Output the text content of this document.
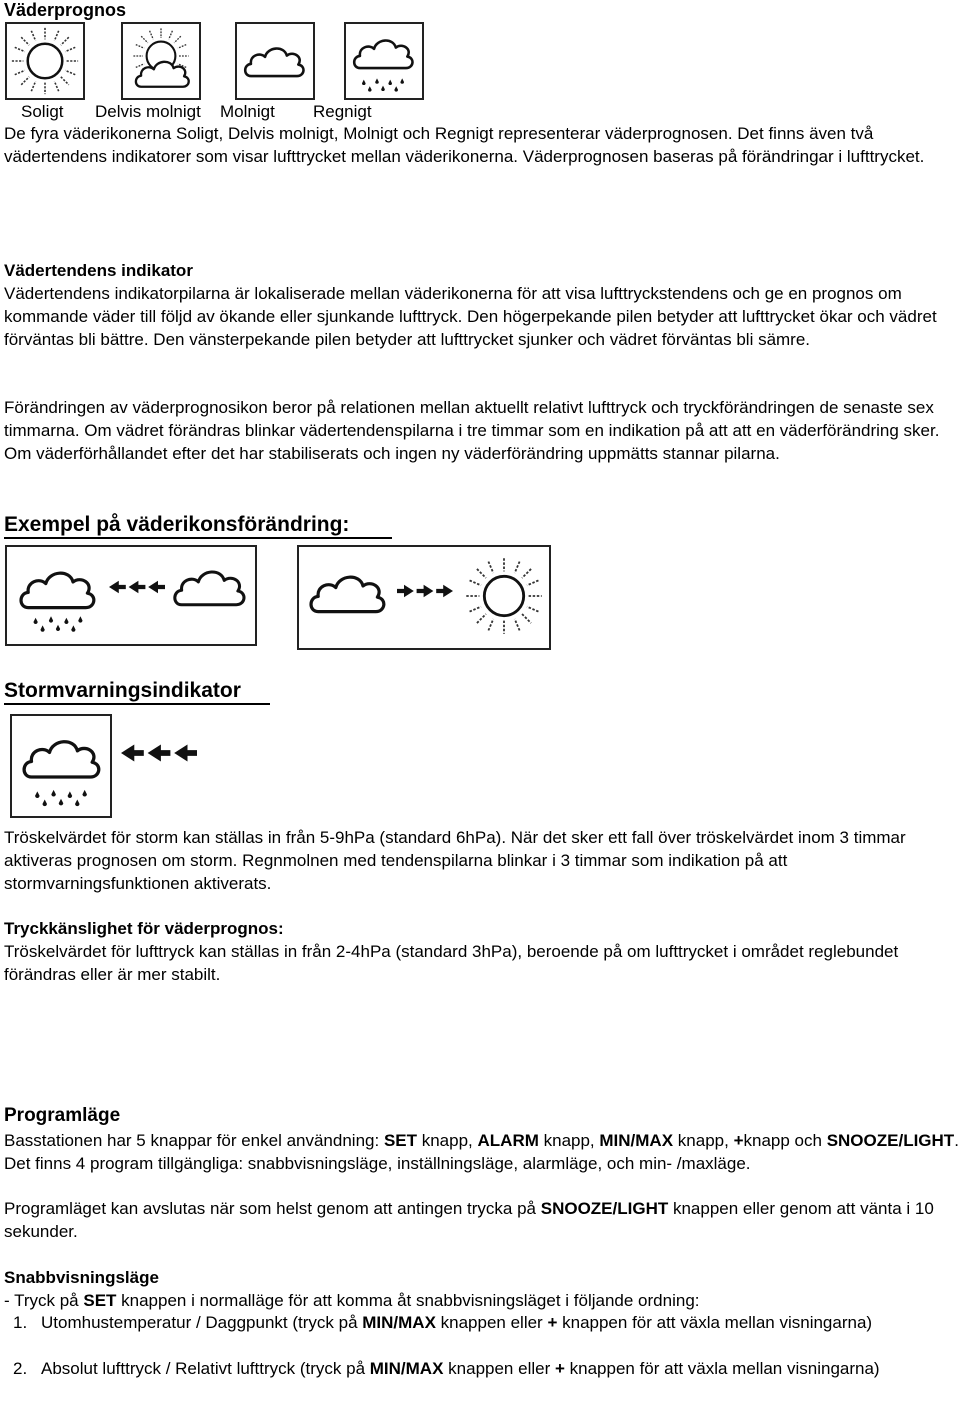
Väderprognos
Soligt Delvis molnigt Molnigt Regnigt

De fyra väderikonerna Soligt, Delvis molnigt, Molnigt och Regnigt representerar väderprognosen. Det finns även två vädertendens indikatorer som visar lufttrycket mellan väderikonerna. Väderprognosen baseras på förändringar i lufttrycket.

Vädertendens indikator

Vädertendens indikatorpilarna är lokaliserade mellan väderikonerna för att visa lufttryckstendens och ge en prognos om kommande väder till följd av ökande eller sjunkande lufttryck. Den högerpekande pilen betyder att lufttrycket ökar och vädret förväntas bli bättre. Den vänsterpekande pilen betyder att lufttrycket sjunker och vädret förväntas bli sämre.

Förändringen av väderprognosikon beror på relationen mellan aktuellt relativt lufttryck och tryckförändringen de senaste sex timmarna. Om vädret förändras blinkar vädertendenspilarna i tre timmar som en indikation på att att en väderförändring sker. Om väderförhållandet efter det har stabiliserats och ingen ny väderförändring uppmätts stannar pilarna.

Exempel på väderikonsförändring:
Stormvarningsindikator

Tröskelvärdet för storm kan ställas in från 5-9hPa (standard 6hPa). När det sker ett fall över tröskelvärdet inom 3 timmar aktiveras prognosen om storm. Regnmolnen med tendenspilarna blinkar i 3 timmar som indikation på att stormvarningsfunktionen aktiverats.

Tryckkänslighet för väderprognos:

Tröskelvärdet för lufttryck kan ställas in från 2-4hPa (standard 3hPa), beroende på om lufttrycket i området reglebundet förändras eller är mer stabilt.

Programläge

Basstationen har 5 knappar för enkel användning: SET knapp, ALARM knapp, MIN/MAX knapp, +knapp och SNOOZE/LIGHT. Det finns 4 program tillgängliga: snabbvisningsläge, inställningsläge, alarmläge, och min- /maxläge.

Programläget kan avslutas när som helst genom att antingen trycka på SNOOZE/LIGHT knappen eller genom att vänta i 10 sekunder.

Snabbvisningsläge

- Tryck på SET knappen i normalläge för att komma åt snabbvisningsläget i följande ordning:

1. Utomhustemperatur / Daggpunkt (tryck på MIN/MAX knappen eller + knappen för att växla mellan visningarna)

2. Absolut lufttryck / Relativt lufttryck (tryck på MIN/MAX knappen eller + knappen för att växla mellan visningarna)
